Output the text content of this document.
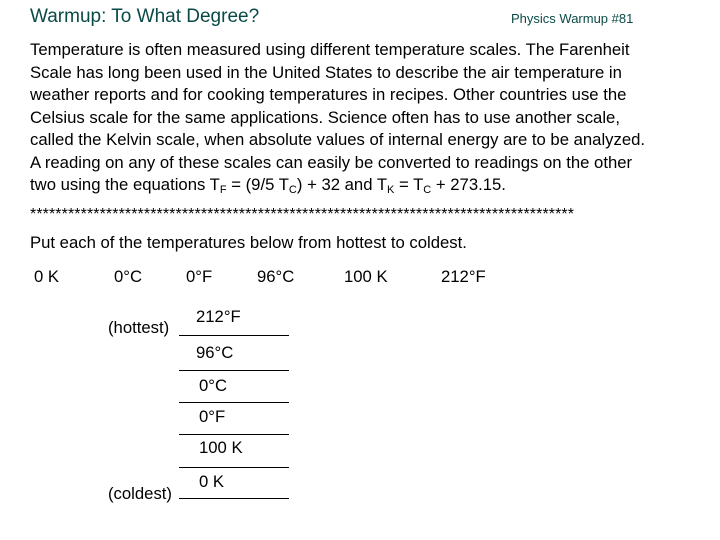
Warmup: To What Degree?	Physics Warmup #81
Temperature is often measured using different temperature scales. The Farenheit
Scale has long been used in the United States to describe the air temperature in
weather reports and for cooking temperatures in recipes. Other countries use the
Celsius scale for the same applications. Science often has to use another scale,
called the Kelvin scale, when absolute values of internal energy are to be analyzed.
A reading on any of these scales can easily be converted to readings on the other
two using the equations $T_F = (9/5$ $T_C) + 32$ and $T_K = T_C + 273.15$.
**************************************************************************************
Put each of the temperatures below from hottest to coldest.
0 K	0°C	0°F	96°C	100 K	212°F
(hottest)
(coldest)
212°F
96°C
0°C
0°F
100 K
0 K
